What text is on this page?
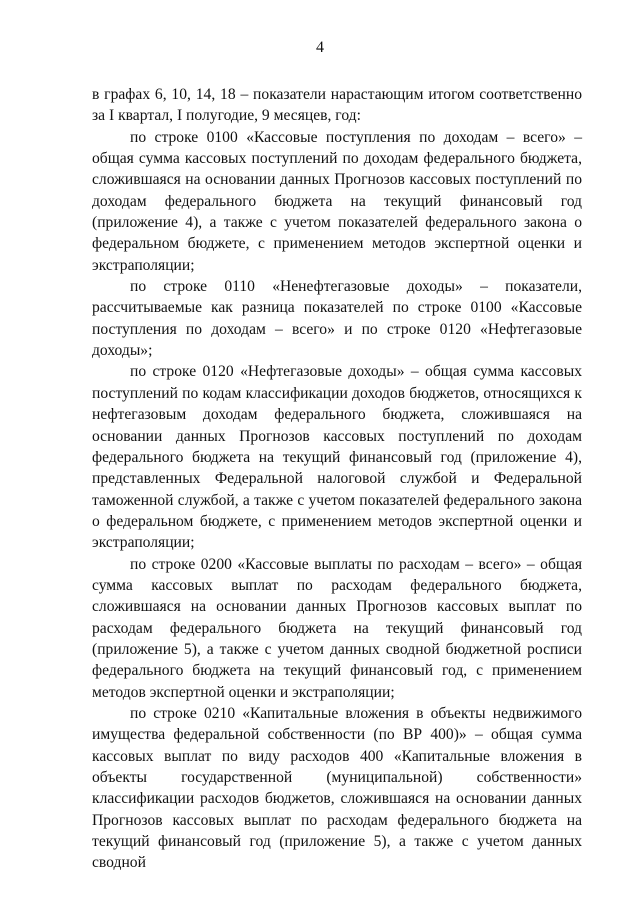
4

в графах 6, 10, 14, 18 – показатели нарастающим итогом соответственно за I квартал, I полугодие, 9 месяцев, год:

по строке 0100 «Кассовые поступления по доходам – всего» – общая сумма кассовых поступлений по доходам федерального бюджета, сложившаяся на основании данных Прогнозов кассовых поступлений по доходам федерального бюджета на текущий финансовый год (приложение 4), а также с учетом показателей федерального закона о федеральном бюджете, с применением методов экспертной оценки и экстраполяции;

по строке 0110 «Ненефтегазовые доходы» – показатели, рассчитываемые как разница показателей по строке 0100 «Кассовые поступления по доходам – всего» и по строке 0120 «Нефтегазовые доходы»;

по строке 0120 «Нефтегазовые доходы» – общая сумма кассовых поступлений по кодам классификации доходов бюджетов, относящихся к нефтегазовым доходам федерального бюджета, сложившаяся на основании данных Прогнозов кассовых поступлений по доходам федерального бюджета на текущий финансовый год (приложение 4), представленных Федеральной налоговой службой и Федеральной таможенной службой, а также с учетом показателей федерального закона о федеральном бюджете, с применением методов экспертной оценки и экстраполяции;

по строке 0200 «Кассовые выплаты по расходам – всего» – общая сумма кассовых выплат по расходам федерального бюджета, сложившаяся на основании данных Прогнозов кассовых выплат по расходам федерального бюджета на текущий финансовый год (приложение 5), а также с учетом данных сводной бюджетной росписи федерального бюджета на текущий финансовый год, с применением методов экспертной оценки и экстраполяции;

по строке 0210 «Капитальные вложения в объекты недвижимого имущества федеральной собственности (по ВР 400)» – общая сумма кассовых выплат по виду расходов 400 «Капитальные вложения в объекты государственной (муниципальной) собственности» классификации расходов бюджетов, сложившаяся на основании данных Прогнозов кассовых выплат по расходам федерального бюджета на текущий финансовый год (приложение 5), а также с учетом данных сводной
